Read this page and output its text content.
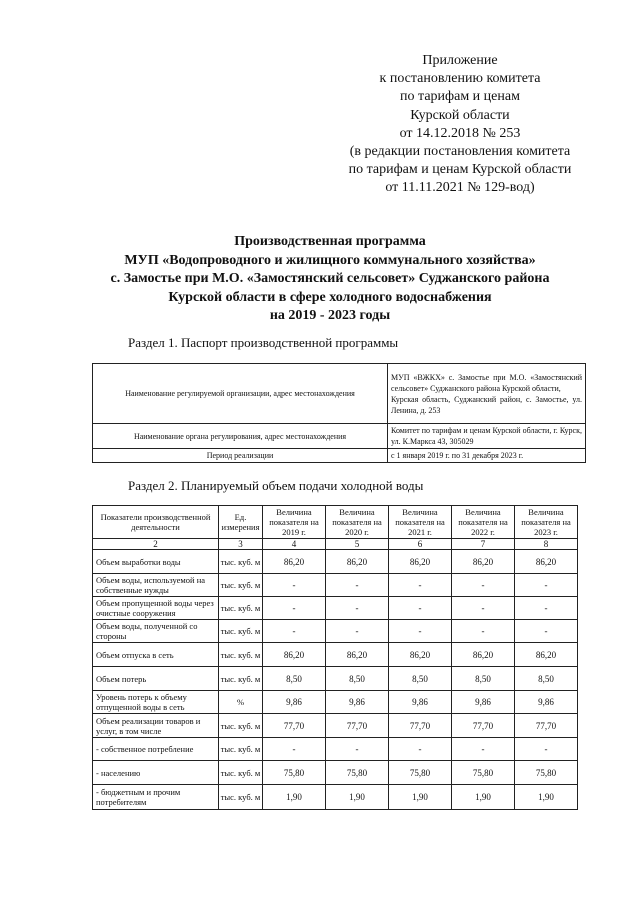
Приложение
к постановлению комитета
по тарифам и ценам
Курской области
от 14.12.2018 № 253
(в редакции постановления комитета
по тарифам и ценам Курской области
от 11.11.2021 № 129-вод)
Производственная программа
МУП «Водопроводного и жилищного коммунального хозяйства»
с. Замостье при М.О. «Замостянский сельсовет» Суджанского района
Курской области в сфере холодного водоснабжения
на 2019 - 2023 годы
Раздел 1. Паспорт производственной программы
Наименование регулируемой организации, адрес местонахождения	МУП «ВЖКХ» с. Замостье при М.О. «Замостянский сельсовет» Суджанского района Курской области,
Курская область, Суджанский район, с. Замостье, ул. Ленина, д. 253

Наименование органа регулирования, адрес местонахождения	Комитет по тарифам и ценам Курской области, г. Курск, ул. К.Маркса 43, 305029
Период реализации	с 1 января 2019 г. по 31 декабря 2023 г.
Раздел 2. Планируемый объем подачи холодной воды
Показатели производственной деятельности	Ед. измерения	Величина показателя на 2019 г.	Величина показателя на 2020 г.	Величина показателя на 2021 г.	Величина показателя на 2022 г.	Величина показателя на 2023 г.
2	3	4	5	6	7	8
Объем выработки воды	тыс. куб. м	86,20	86,20	86,20	86,20	86,20
Объем воды, используемой на собственные нужды	тыс. куб. м	-	-	-	-	-
Объем пропущенной воды через очистные сооружения	тыс. куб. м	-	-	-	-	-
Объем воды, полученной со стороны	тыс. куб. м	-	-	-	-	-
Объем отпуска в сеть	тыс. куб. м	86,20	86,20	86,20	86,20	86,20
Объем потерь	тыс. куб. м	8,50	8,50	8,50	8,50	8,50
Уровень потерь к объему отпущенной воды в сеть	%	9,86	9,86	9,86	9,86	9,86
Объем реализации товаров и услуг, в том числе	тыс. куб. м	77,70	77,70	77,70	77,70	77,70
- собственное потребление	тыс. куб. м	-	-	-	-	-
- населению	тыс. куб. м	75,80	75,80	75,80	75,80	75,80
- бюджетным и прочим потребителям	тыс. куб. м	1,90	1,90	1,90	1,90	1,90
